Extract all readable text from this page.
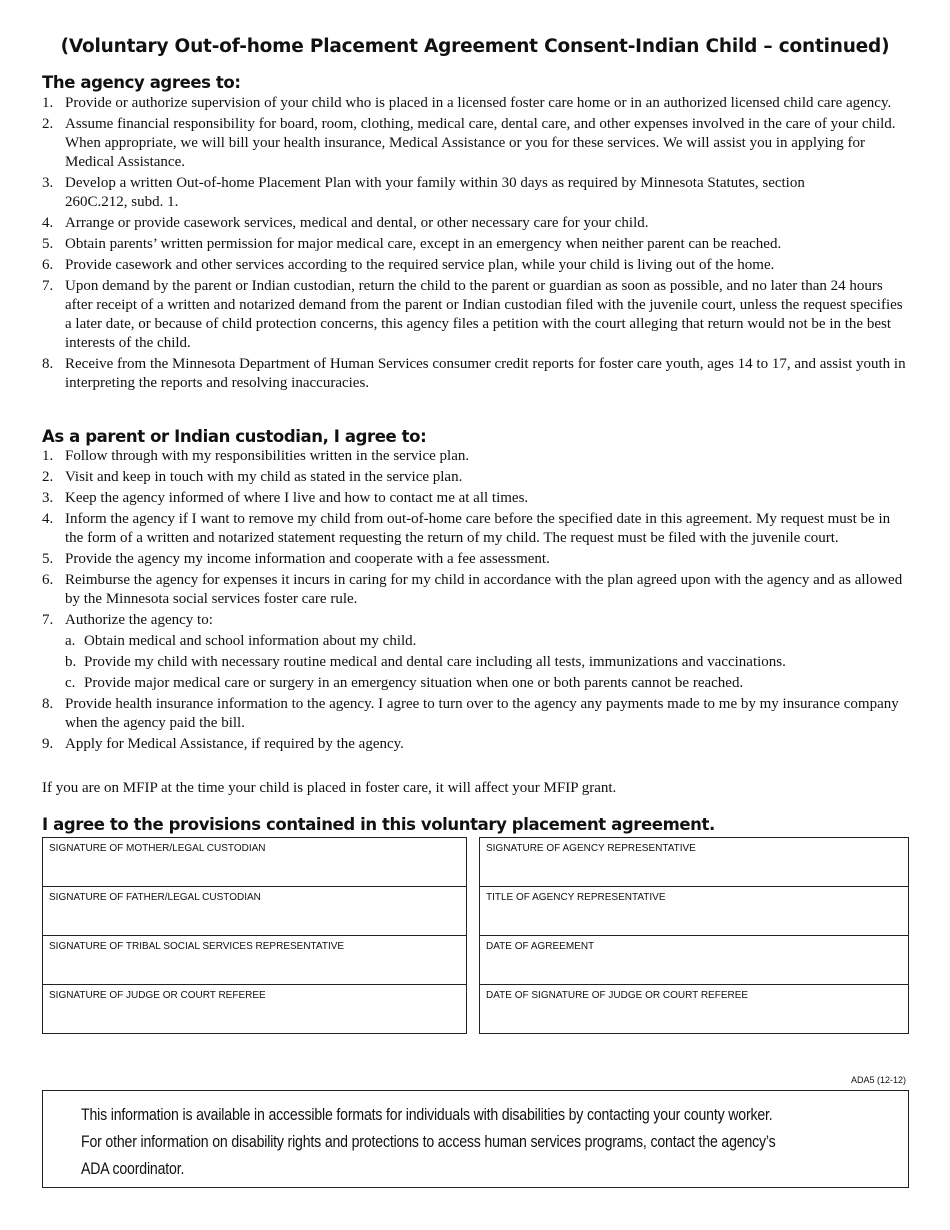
(Voluntary Out-of-home Placement Agreement Consent-Indian Child – continued)
The agency agrees to:
1. Provide or authorize supervision of your child who is placed in a licensed foster care home or in an authorized licensed child care agency.
2. Assume financial responsibility for board, room, clothing, medical care, dental care, and other expenses involved in the care of your child. When appropriate, we will bill your health insurance, Medical Assistance or you for these services. We will assist you in applying for Medical Assistance.
3. Develop a written Out-of-home Placement Plan with your family within 30 days as required by Minnesota Statutes, section 260C.212, subd. 1.
4. Arrange or provide casework services, medical and dental, or other necessary care for your child.
5. Obtain parents’ written permission for major medical care, except in an emergency when neither parent can be reached.
6. Provide casework and other services according to the required service plan, while your child is living out of the home.
7. Upon demand by the parent or Indian custodian, return the child to the parent or guardian as soon as possible, and no later than 24 hours after receipt of a written and notarized demand from the parent or Indian custodian filed with the juvenile court, unless the request specifies a later date, or because of child protection concerns, this agency files a petition with the court alleging that return would not be in the best interests of the child.
8. Receive from the Minnesota Department of Human Services consumer credit reports for foster care youth, ages 14 to 17, and assist youth in interpreting the reports and resolving inaccuracies.
As a parent or Indian custodian, I agree to:
1. Follow through with my responsibilities written in the service plan.
2. Visit and keep in touch with my child as stated in the service plan.
3. Keep the agency informed of where I live and how to contact me at all times.
4. Inform the agency if I want to remove my child from out-of-home care before the specified date in this agreement. My request must be in the form of a written and notarized statement requesting the return of my child. The request must be filed with the juvenile court.
5. Provide the agency my income information and cooperate with a fee assessment.
6. Reimburse the agency for expenses it incurs in caring for my child in accordance with the plan agreed upon with the agency and as allowed by the Minnesota social services foster care rule.
7. Authorize the agency to:
a. Obtain medical and school information about my child.
b. Provide my child with necessary routine medical and dental care including all tests, immunizations and vaccinations.
c. Provide major medical care or surgery in an emergency situation when one or both parents cannot be reached.
8. Provide health insurance information to the agency. I agree to turn over to the agency any payments made to me by my insurance company when the agency paid the bill.
9. Apply for Medical Assistance, if required by the agency.
If you are on MFIP at the time your child is placed in foster care, it will affect your MFIP grant.
I agree to the provisions contained in this voluntary placement agreement.
SIGNATURE OF MOTHER/LEGAL CUSTODIAN
SIGNATURE OF FATHER/LEGAL CUSTODIAN
SIGNATURE OF TRIBAL SOCIAL SERVICES REPRESENTATIVE
SIGNATURE OF JUDGE OR COURT REFEREE
SIGNATURE OF AGENCY REPRESENTATIVE
TITLE OF AGENCY REPRESENTATIVE
DATE OF AGREEMENT
DATE OF SIGNATURE OF JUDGE OR COURT REFEREE
ADA5 (12-12)
This information is available in accessible formats for individuals with disabilities by contacting your county worker.
For other information on disability rights and protections to access human services programs, contact the agency’s
ADA coordinator.
